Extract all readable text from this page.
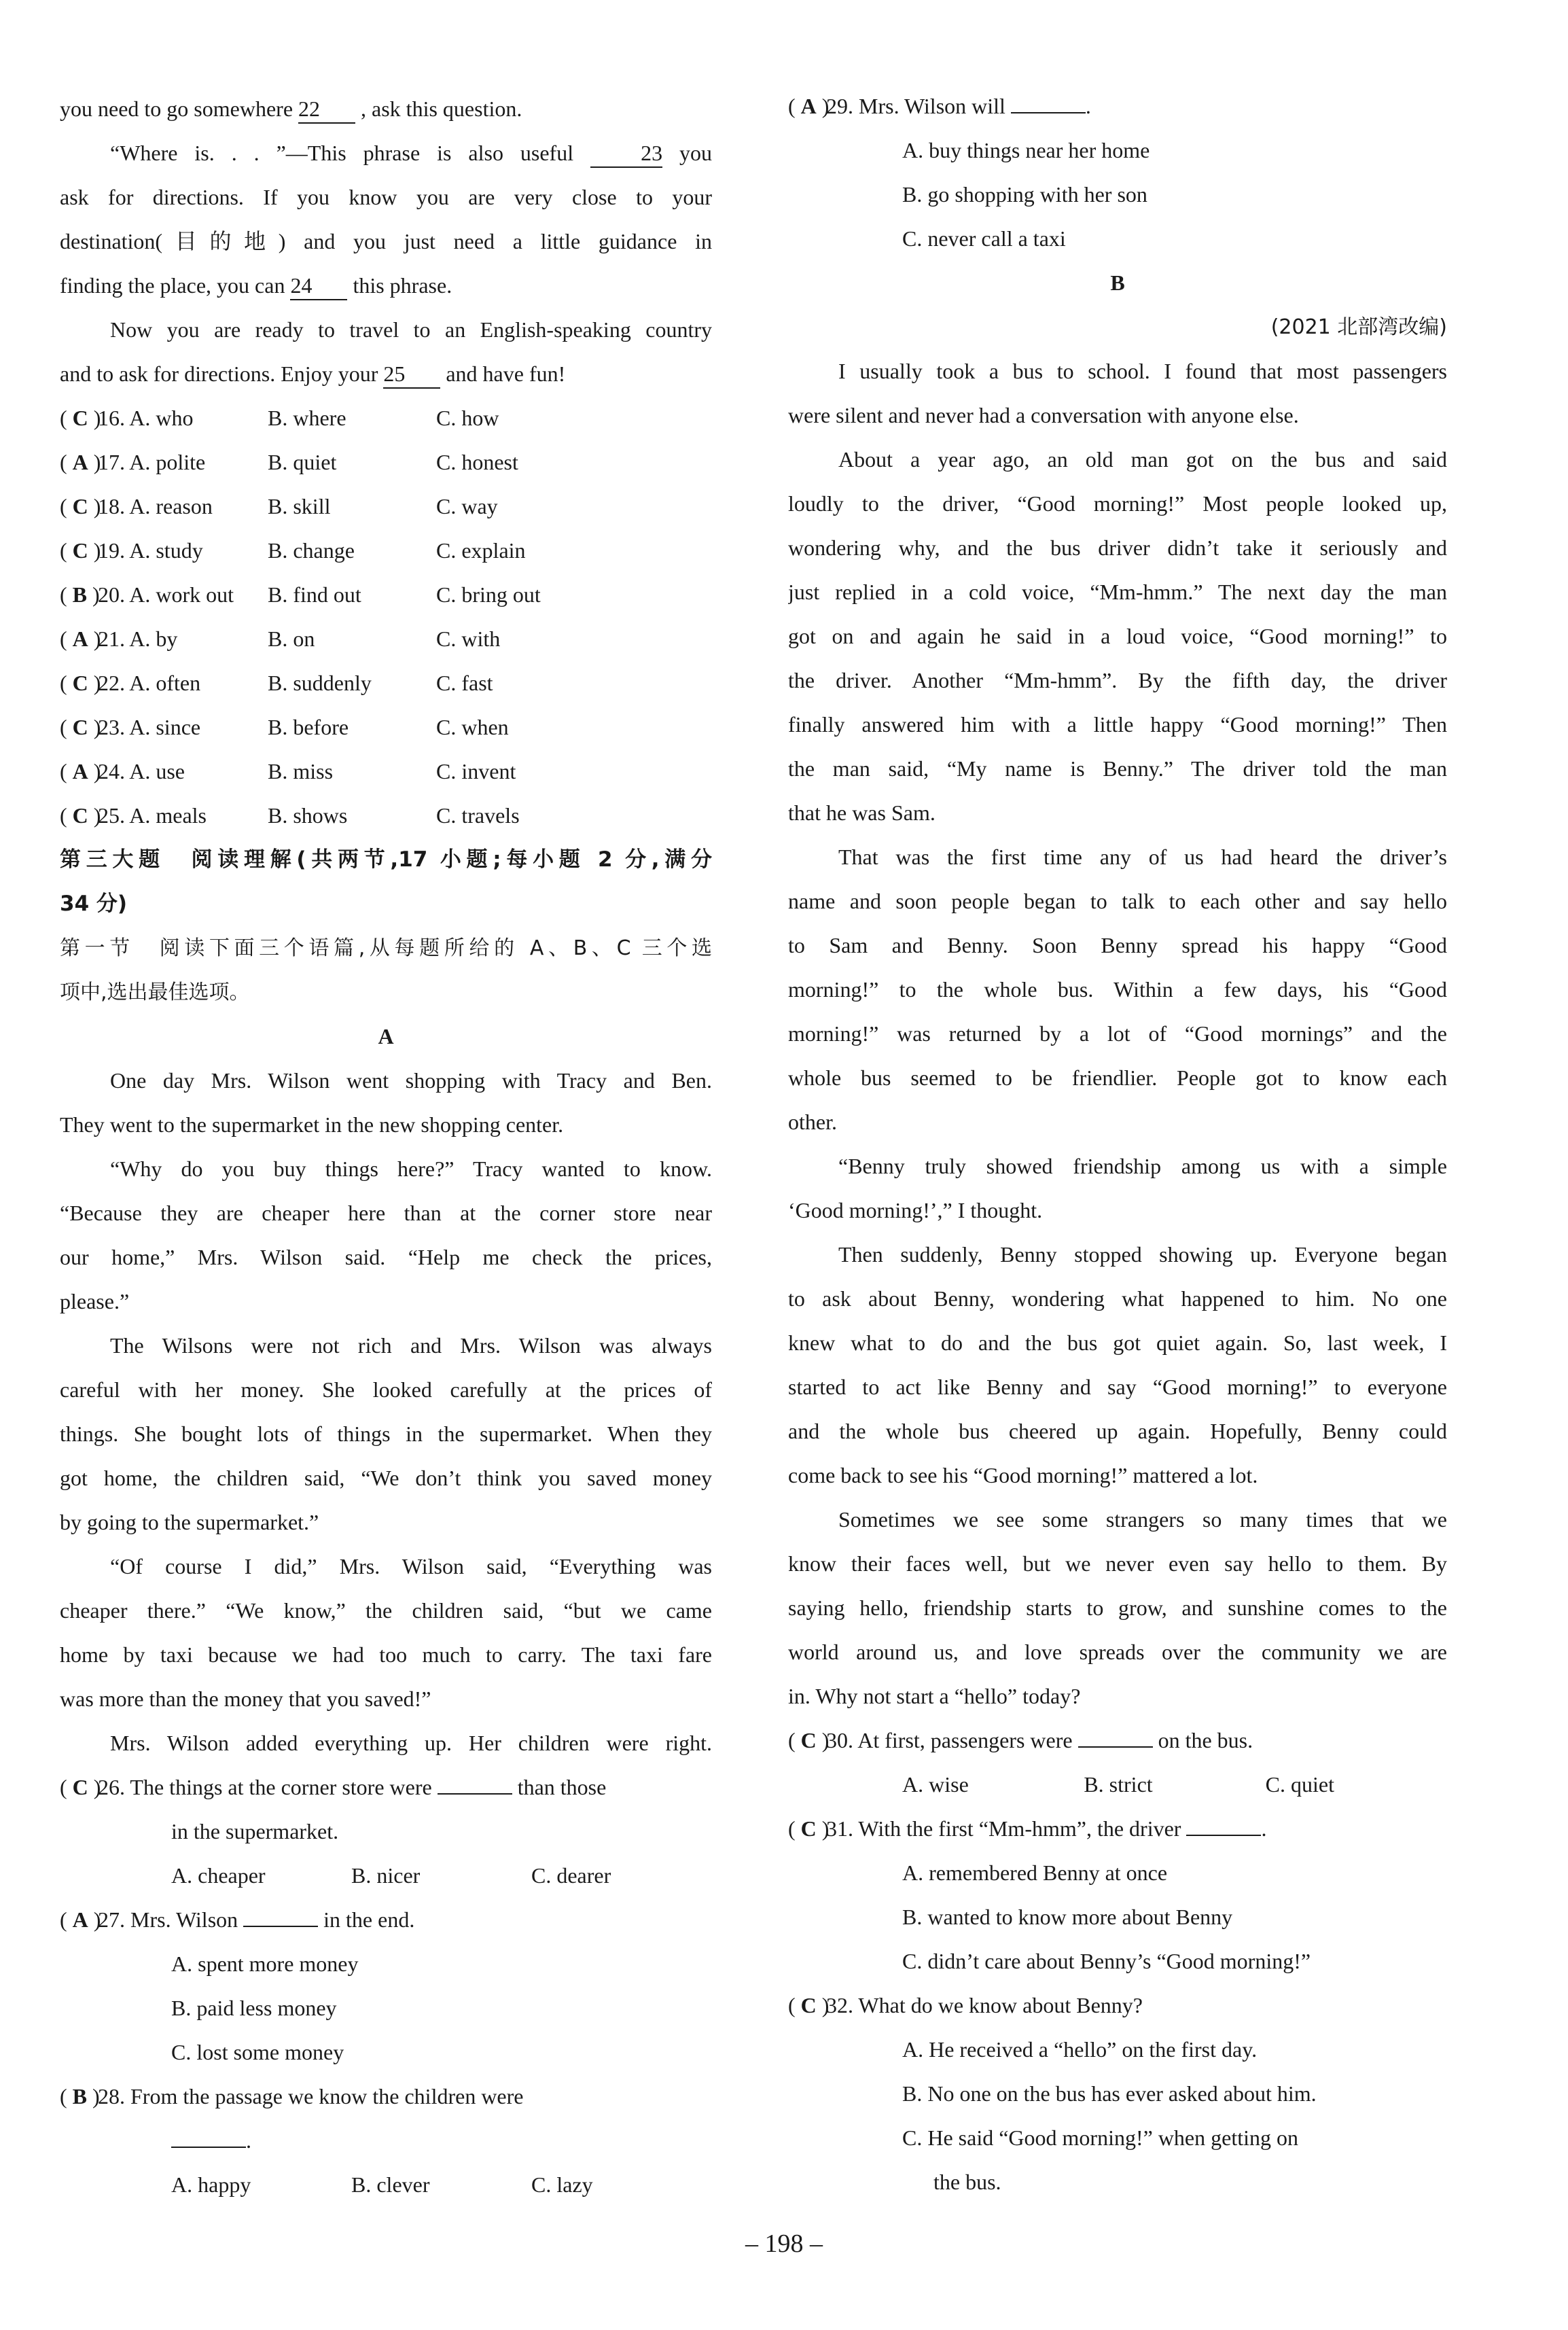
you need to go somewhere 22 , ask this question.

“Where is. . . ”—This phrase is also useful	23 you

ask for directions. If you know you are very close to your

destination(目的地) and you just need a little guidance in

finding the place, you can 24 this phrase.

Now you are ready to travel to an English-speaking country

and to ask for directions. Enjoy your 25 and have fun!

( C )
16. A. who	B. where	C. how
( A )
17. A. polite	B. quiet	C. honest
( C )
18. A. reason	B. skill	C. way
( C )
19. A. study	B. change	C. explain
( B )
20. A. work out	B. find out	C. bring out
( A )
21. A. by	B. on	C. with
( C )
22. A. often	B. suddenly	C. fast
( C )
23. A. since	B. before	C. when
( A )
24. A. use	B. miss	C. invent
( C )
25. A. meals	B. shows	C. travels

第三大题　阅读理解(共两节,17 小题;每小题 2 分,满分

34 分)

第一节　阅读下面三个语篇,从每题所给的 A、B、C 三个选

项中,选出最佳选项。

A

One day Mrs. Wilson went shopping with Tracy and Ben.

They went to the supermarket in the new shopping center.

“Why do you buy things here?” Tracy wanted to know.

“Because they are cheaper here than at the corner store near

our home,” Mrs. Wilson said. “Help me check the prices,

please.”

The Wilsons were not rich and Mrs. Wilson was always

careful with her money. She looked carefully at the prices of

things. She bought lots of things in the supermarket. When they

got home, the children said, “We don’t think you saved money

by going to the supermarket.”

“Of course I did,” Mrs. Wilson said, “Everything was

cheaper there.” “We know,” the children said, “but we came

home by taxi because we had too much to carry. The taxi fare

was more than the money that you saved!”

Mrs. Wilson added everything up. Her children were right.

( C )26. The things at the corner store were	than those

in the supermarket.

A. cheaper	B. nicer	C. dearer

( A )27. Mrs. Wilson	in the end.

A. spent more money

B. paid less money

C. lost some money

( B )28. From the passage we know the children were

.

A. happy	B. clever	C. lazy

( A )29. Mrs. Wilson will	.

A. buy things near her home

B. go shopping with her son

C. never call a taxi

B

(2021 北部湾改编)

I usually took a bus to school. I found that most passengers

were silent and never had a conversation with anyone else.

About a year ago, an old man got on the bus and said

loudly to the driver, “Good morning!” Most people looked up,

wondering why, and the bus driver didn’t take it seriously and

just replied in a cold voice, “Mm-hmm.” The next day the man

got on and again he said in a loud voice, “Good morning!” to

the driver. Another “Mm-hmm”. By the fifth day, the driver

finally answered him with a little happy “Good morning!” Then

the man said, “My name is Benny.” The driver told the man

that he was Sam.

That was the first time any of us had heard the driver’s

name and soon people began to talk to each other and say hello

to Sam and Benny. Soon Benny spread his happy “Good

morning!” to the whole bus. Within a few days, his “Good

morning!” was returned by a lot of “Good mornings” and the

whole bus seemed to be friendlier. People got to know each

other.

“Benny truly showed friendship among us with a simple

‘Good morning!’,” I thought.

Then suddenly, Benny stopped showing up. Everyone began

to ask about Benny, wondering what happened to him. No one

knew what to do and the bus got quiet again. So, last week, I

started to act like Benny and say “Good morning!” to everyone

and the whole bus cheered up again. Hopefully, Benny could

come back to see his “Good morning!” mattered a lot.

Sometimes we see some strangers so many times that we

know their faces well, but we never even say hello to them. By

saying hello, friendship starts to grow, and sunshine comes to the

world around us, and love spreads over the community we are

in. Why not start a “hello” today?

( C )30. At first, passengers were	on the bus.

A. wise	B. strict	C. quiet

( C )31. With the first “Mm-hmm”, the driver	.

A. remembered Benny at once

B. wanted to know more about Benny

C. didn’t care about Benny’s “Good morning!”

( C )32. What do we know about Benny?

A. He received a “hello” on the first day.

B. No one on the bus has ever asked about him.

C. He said “Good morning!” when getting on

the bus.

– 198 –
